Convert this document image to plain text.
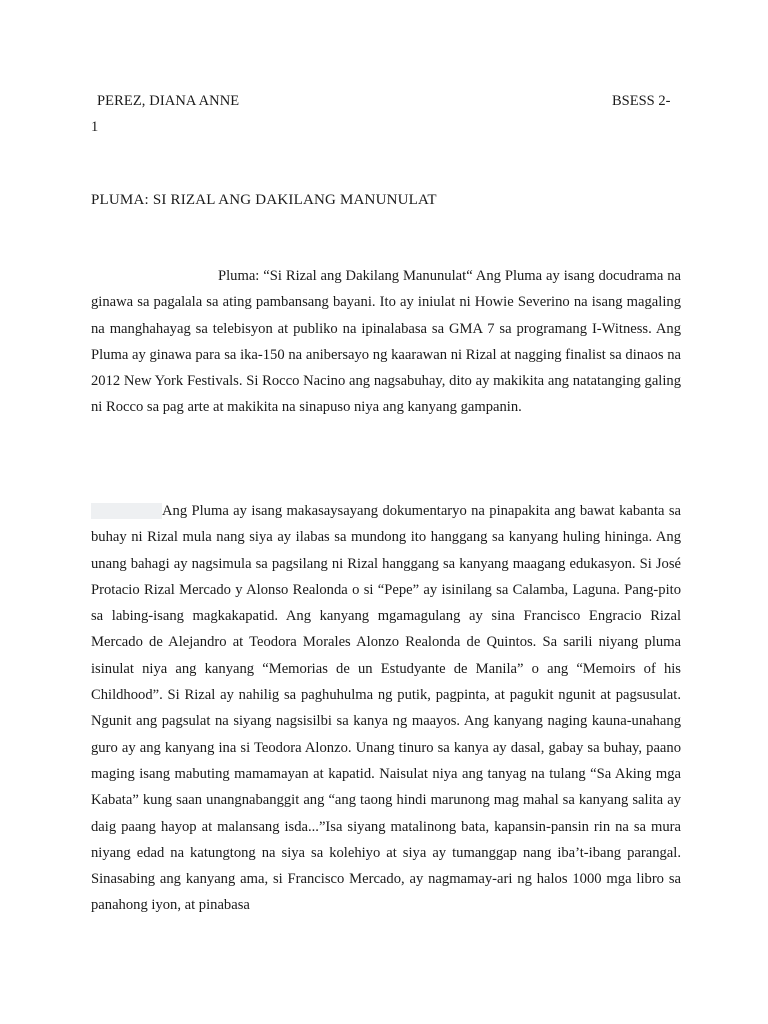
PEREZ, DIANA ANNE	BSESS 2-
1
PLUMA: SI RIZAL ANG DAKILANG MANUNULAT

Pluma: “Si Rizal ang Dakilang Manunulat“ Ang Pluma ay isang docudrama na ginawa sa pagalala sa ating pambansang bayani. Ito ay iniulat ni Howie Severino na isang magaling na manghahayag sa telebisyon at publiko na ipinalabasa sa GMA 7 sa programang I-Witness. Ang Pluma ay ginawa para sa ika-150 na anibersayo ng kaarawan ni Rizal at nagging finalist sa dinaos na 2012 New York Festivals. Si Rocco Nacino ang nagsabuhay, dito ay makikita ang natatanging galing ni Rocco sa pag arte at makikita na sinapuso niya ang kanyang gampanin.

Ang Pluma ay isang makasaysayang dokumentaryo na pinapakita ang bawat kabanta sa buhay ni Rizal mula nang siya ay ilabas sa mundong ito hanggang sa kanyang huling hininga. Ang unang bahagi ay nagsimula sa pagsilang ni Rizal hanggang sa kanyang maagang edukasyon. Si José Protacio Rizal Mercado y Alonso Realonda o si “Pepe” ay isinilang sa Calamba, Laguna. Pang-pito sa labing-isang magkakapatid. Ang kanyang mgamagulang ay sina Francisco Engracio Rizal Mercado de Alejandro at Teodora Morales Alonzo Realonda de Quintos. Sa sarili niyang pluma isinulat niya ang kanyang “Memorias de un Estudyante de Manila” o ang “Memoirs of his Childhood”. Si Rizal ay nahilig sa paghuhulma ng putik, pagpinta, at pagukit ngunit at pagsusulat. Ngunit ang pagsulat na siyang nagsisilbi sa kanya ng maayos. Ang kanyang naging kauna-unahang guro ay ang kanyang ina si Teodora Alonzo. Unang tinuro sa kanya ay dasal, gabay sa buhay, paano maging isang mabuting mamamayan at kapatid. Naisulat niya ang tanyag na tulang “Sa Aking mga Kabata” kung saan unangnabanggit ang “ang taong hindi marunong mag mahal sa kanyang salita ay daig paang hayop at malansang isda...”Isa siyang matalinong bata, kapansin-pansin rin na sa mura niyang edad na katungtong na siya sa kolehiyo at siya ay tumanggap nang iba’t-ibang parangal. Sinasabing ang kanyang ama, si Francisco Mercado, ay nagmamay-ari ng halos 1000 mga libro sa panahong iyon, at pinabasa
